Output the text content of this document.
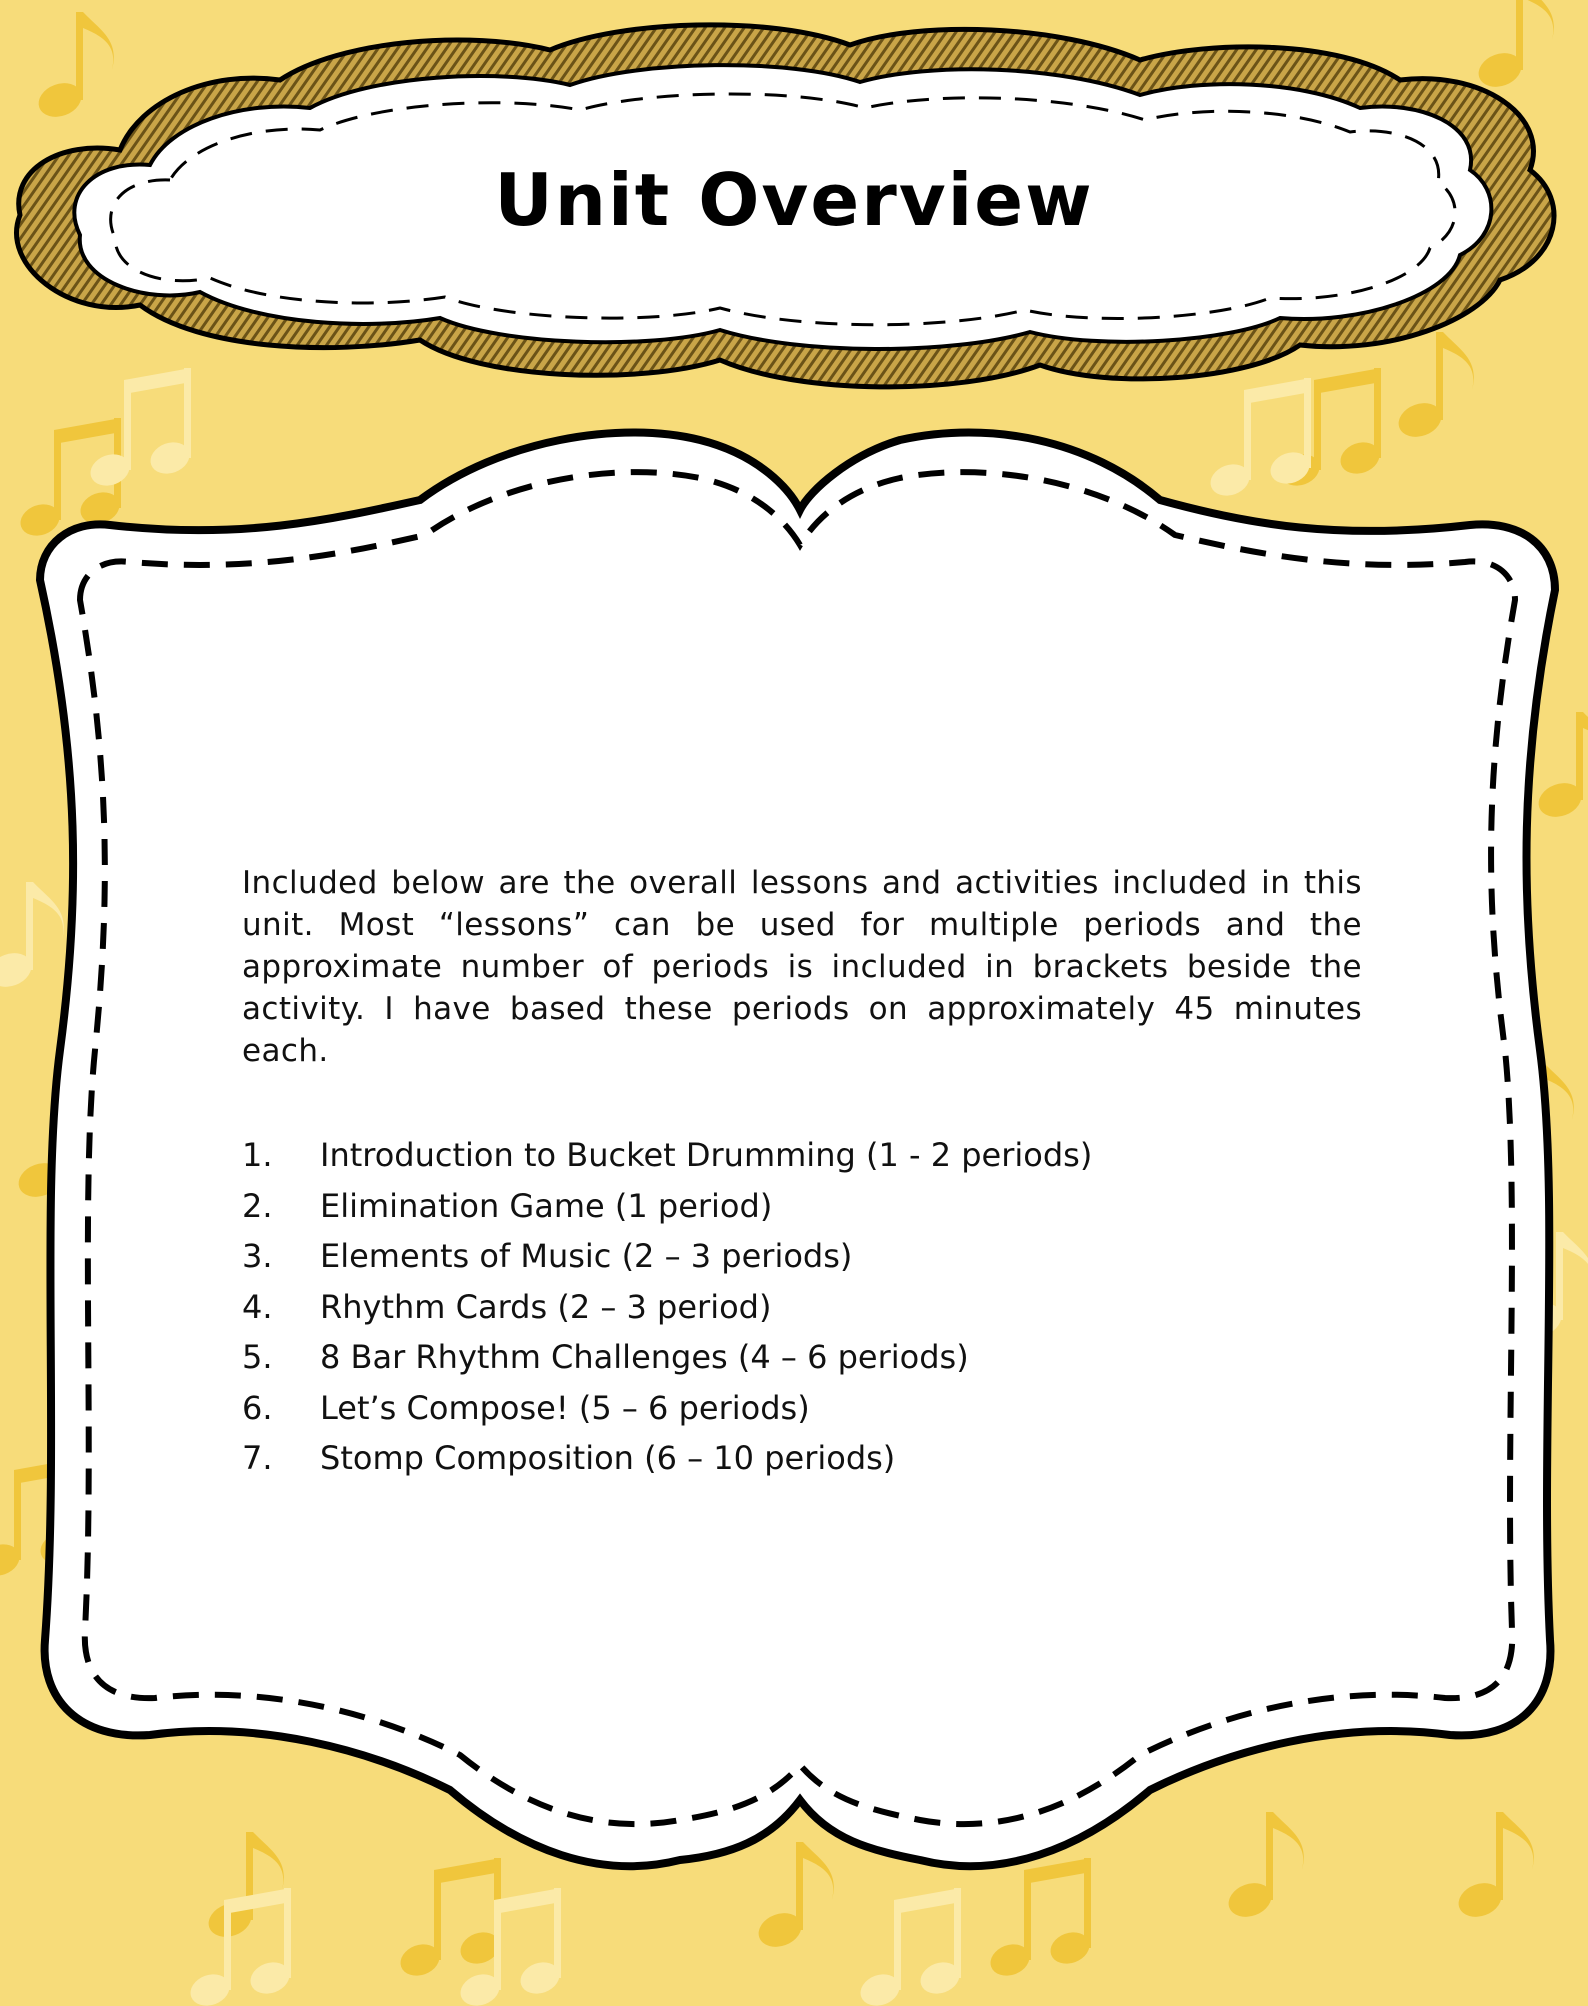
Unit Overview
Included below are the overall lessons and activities included in this unit. Most “lessons” can be used for multiple periods and the approximate number of periods is included in brackets beside the activity. I have based these periods on approximately 45 minutes each.
1. Introduction to Bucket Drumming (1 - 2 periods)
2. Elimination Game (1 period)
3. Elements of Music (2 – 3 periods)
4. Rhythm Cards (2 – 3 period)
5. 8 Bar Rhythm Challenges (4 – 6 periods)
6. Let’s Compose! (5 – 6 periods)
7. Stomp Composition (6 – 10 periods)
